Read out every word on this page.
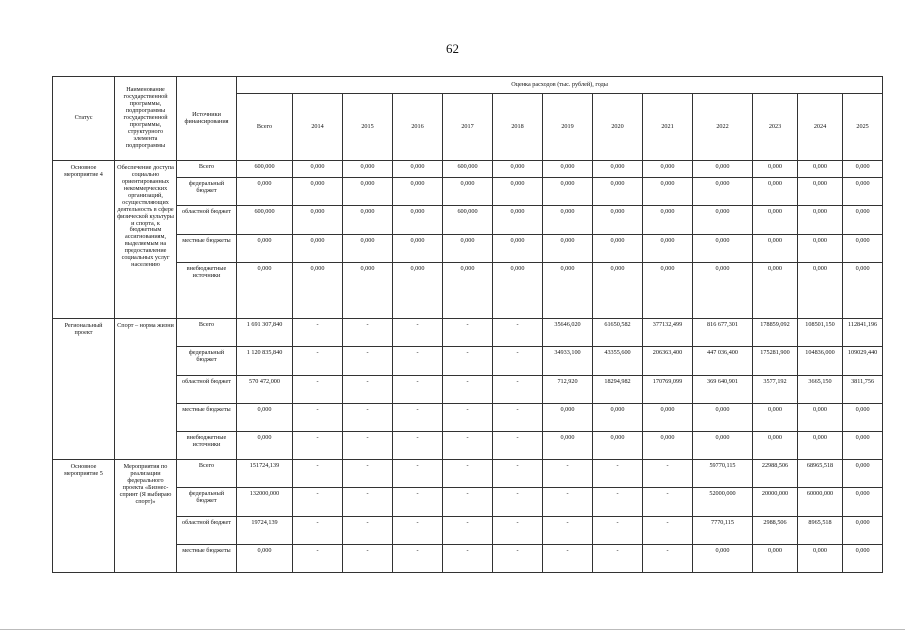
62
Статус	Наименование государственной программы, подпрограммы государственной программы, структурного элемента подпрограммы	Источники финансирования	Оценка расходов (тыс. рублей), годы												
			Всего	2014	2015	2016	2017	2018	2019	2020	2021	2022	2023	2024	2025
Основное мероприятие 4	Обеспечение доступа социально ориентированных некоммерческих организаций, осуществляющих деятельность в сфере физической культуры и спорта, к бюджетным ассигнованиям, выделяемым на предоставление социальных услуг населению	Всего	600,000	0,000	0,000	0,000	600,000	0,000	0,000	0,000	0,000	0,000	0,000	0,000	0,000
		федеральный бюджет	0,000	0,000	0,000	0,000	0,000	0,000	0,000	0,000	0,000	0,000	0,000	0,000	0,000
		областной бюджет	600,000	0,000	0,000	0,000	600,000	0,000	0,000	0,000	0,000	0,000	0,000	0,000	0,000
		местные бюджеты	0,000	0,000	0,000	0,000	0,000	0,000	0,000	0,000	0,000	0,000	0,000	0,000	0,000
		внебюджетные источники	0,000	0,000	0,000	0,000	0,000	0,000	0,000	0,000	0,000	0,000	0,000	0,000	0,000
Региональный проект	Спорт – норма жизни	Всего	1 691 307,840	-	-	-	-	-	35646,020	61650,582	377132,499	816 677,301	178859,092	108501,150	112841,196
		федеральный бюджет	1 120 835,840	-	-	-	-	-	34933,100	43355,600	206363,400	447 036,400	175281,900	104836,000	109029,440
		областной бюджет	570 472,000	-	-	-	-	-	712,920	18294,982	170769,099	369 640,901	3577,192	3665,150	3811,756
		местные бюджеты	0,000	-	-	-	-	-	0,000	0,000	0,000	0,000	0,000	0,000	0,000
		внебюджетные источники	0,000	-	-	-	-	-	0,000	0,000	0,000	0,000	0,000	0,000	0,000
Основное мероприятие 5	Мероприятия по реализации федерального проекта «Бизнес-спринт (Я выбираю спорт)»	Всего	151724,139	-	-	-	-	-	-	-	-	59770,115	22988,506	68965,518	0,000
		федеральный бюджет	132000,000	-	-	-	-	-	-	-	-	52000,000	20000,000	60000,000	0,000
		областной бюджет	19724,139	-	-	-	-	-	-	-	-	7770,115	2988,506	8965,518	0,000
		местные бюджеты	0,000	-	-	-	-	-	-	-	-	0,000	0,000	0,000	0,000
